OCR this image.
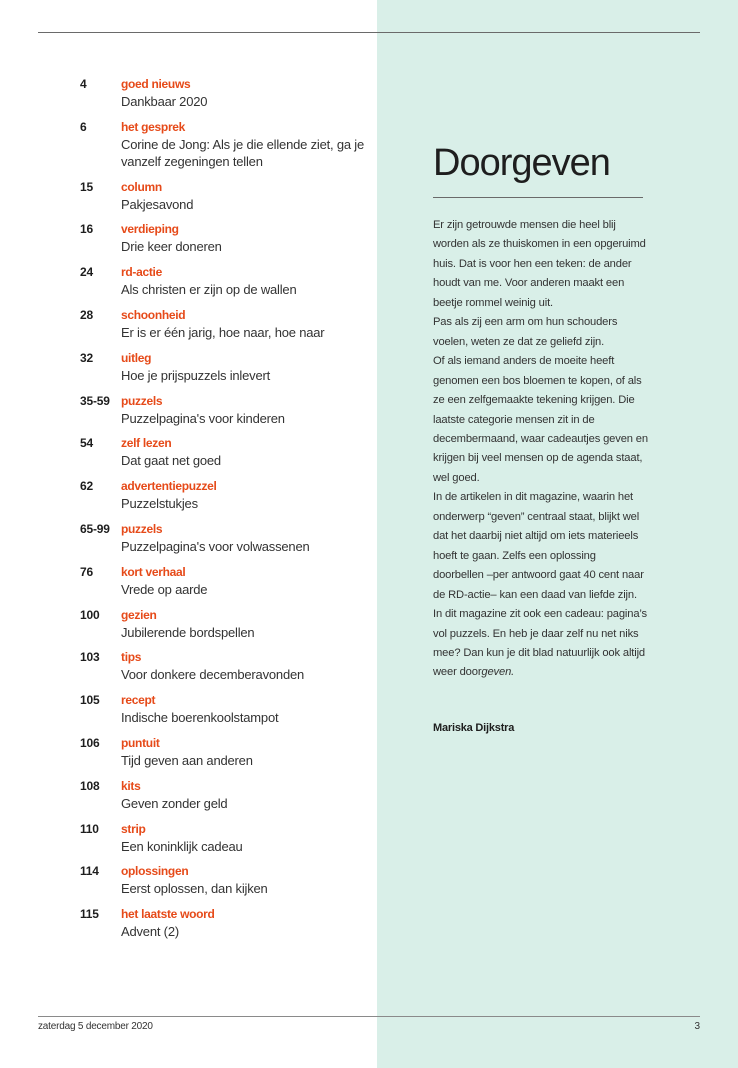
4	goed nieuws
Dankbaar 2020
6	het gesprek
Corine de Jong: Als je die ellende ziet, ga je vanzelf zegeningen tellen
15	column
Pakjesavond
16	verdieping
Drie keer doneren
24	rd-actie
Als christen er zijn op de wallen
28	schoonheid
Er is er één jarig, hoe naar, hoe naar
32	uitleg
Hoe je prijspuzzels inlevert
35-59 puzzels
Puzzelpagina's voor kinderen
54	zelf lezen
Dat gaat net goed
62	advertentiepuzzel
Puzzelstukjes
65-99 puzzels
Puzzelpagina's voor volwassenen
76	kort verhaal
Vrede op aarde
100	gezien
Jubilerende bordspellen
103	tips
Voor donkere decemberavonden
105	recept
Indische boerenkoolstampot
106	puntuit
Tijd geven aan anderen
108	kits
Geven zonder geld
110	strip
Een koninklijk cadeau
114	oplossingen
Eerst oplossen, dan kijken
115	het laatste woord
Advent (2)
Doorgeven

Er zijn getrouwde mensen die heel blij worden als ze thuiskomen in een opgeruimd huis. Dat is voor hen een teken: de ander houdt van me. Voor anderen maakt een beetje rommel weinig uit.

Pas als zij een arm om hun schouders voelen, weten ze dat ze geliefd zijn.

Of als iemand anders de moeite heeft genomen een bos bloemen te kopen, of als ze een zelfgemaakte tekening krijgen. Die laatste categorie mensen zit in de decembermaand, waar cadeautjes geven en krijgen bij veel mensen op de agenda staat, wel goed.

In de artikelen in dit magazine, waarin het onderwerp “geven” centraal staat, blijkt wel dat het daarbij niet altijd om iets materieels hoeft te gaan. Zelfs een oplossing doorbellen –per antwoord gaat 40 cent naar de RD-actie– kan een daad van liefde zijn.

In dit magazine zit ook een cadeau: pagina’s vol puzzels. En heb je daar zelf nu net niks mee? Dan kun je dit blad natuurlijk ook altijd weer doorgeven.

Mariska Dijkstra
zaterdag 5 december 2020	3
